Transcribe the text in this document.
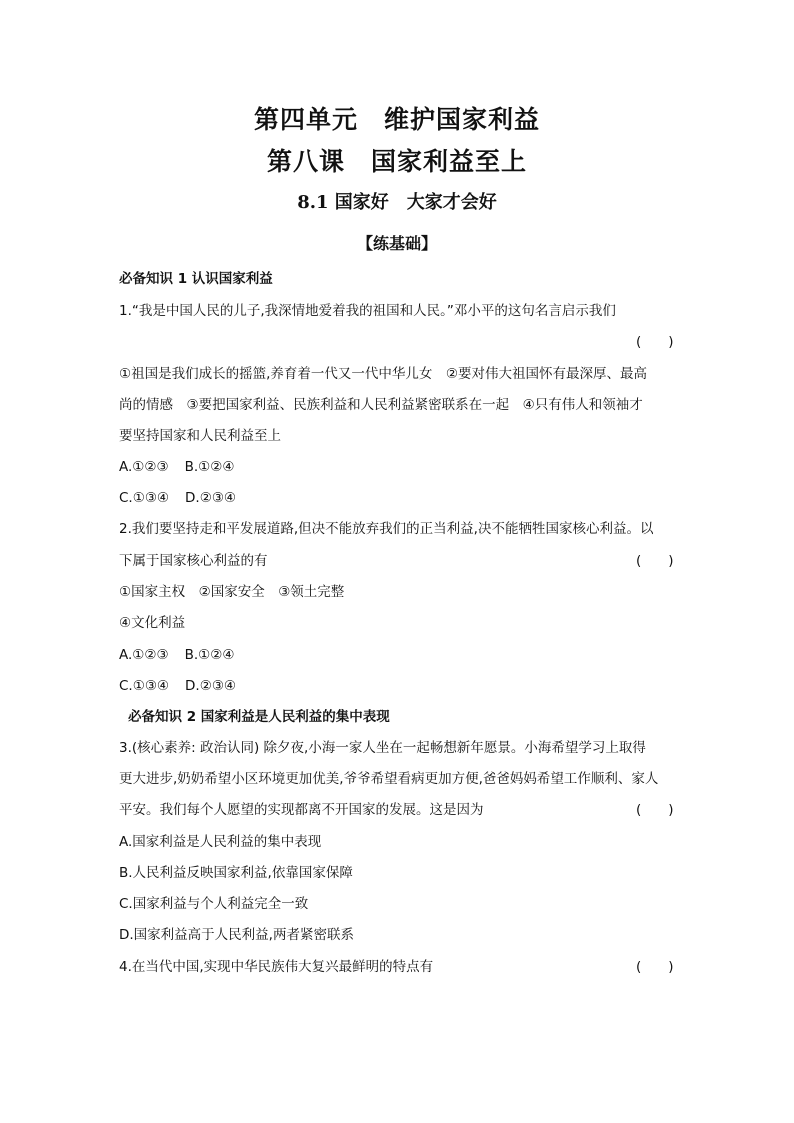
第四单元　维护国家利益
第八课　国家利益至上
8.1 国家好　大家才会好
【练基础】
必备知识 1 认识国家利益
1.“我是中国人民的儿子,我深情地爱着我的祖国和人民。”邓小平的这句名言启示我们
(　　)
①祖国是我们成长的摇篮,养育着一代又一代中华儿女　②要对伟大祖国怀有最深厚、最高
尚的情感　③要把国家利益、民族利益和人民利益紧密联系在一起　④只有伟人和领袖才
要坚持国家和人民利益至上
A.①②③ B.①②④
C.①③④ D.②③④
2.我们要坚持走和平发展道路,但决不能放弃我们的正当利益,决不能牺牲国家核心利益。以
下属于国家核心利益的有	(　　)
①国家主权　②国家安全　③领土完整
④文化利益
A.①②③ B.①②④
C.①③④ D.②③④
必备知识 2 国家利益是人民利益的集中表现
3.(核心素养: 政治认同) 除夕夜,小海一家人坐在一起畅想新年愿景。小海希望学习上取得
更大进步,奶奶希望小区环境更加优美,爷爷希望看病更加方便,爸爸妈妈希望工作顺利、家人
平安。我们每个人愿望的实现都离不开国家的发展。这是因为	(　　)
A.国家利益是人民利益的集中表现
B.人民利益反映国家利益,依靠国家保障
C.国家利益与个人利益完全一致
D.国家利益高于人民利益,两者紧密联系
4.在当代中国,实现中华民族伟大复兴最鲜明的特点有	(　　)
